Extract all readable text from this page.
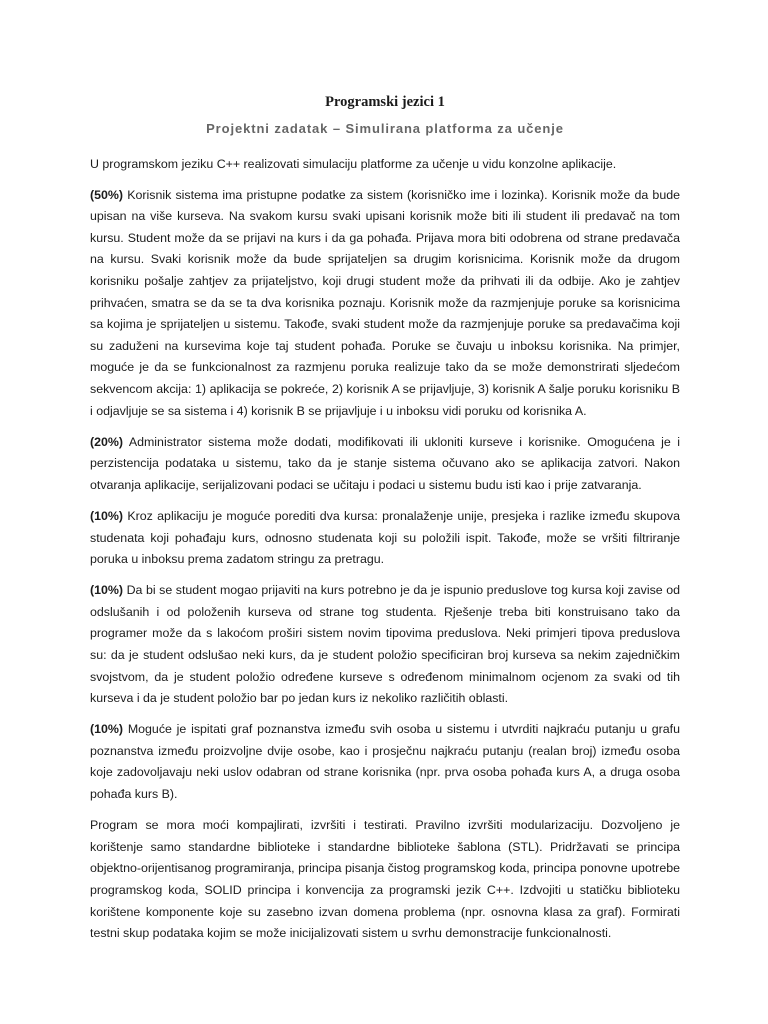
Programski jezici 1
Projektni zadatak – Simulirana platforma za učenje

U programskom jeziku C++ realizovati simulaciju platforme za učenje u vidu konzolne aplikacije.

(50%) Korisnik sistema ima pristupne podatke za sistem (korisničko ime i lozinka). Korisnik može da bude upisan na više kurseva. Na svakom kursu svaki upisani korisnik može biti ili student ili predavač na tom kursu. Student može da se prijavi na kurs i da ga pohađa. Prijava mora biti odobrena od strane predavača na kursu. Svaki korisnik može da bude sprijateljen sa drugim korisnicima. Korisnik može da drugom korisniku pošalje zahtjev za prijateljstvo, koji drugi student može da prihvati ili da odbije. Ako je zahtjev prihvaćen, smatra se da se ta dva korisnika poznaju. Korisnik može da razmjenjuje poruke sa korisnicima sa kojima je sprijateljen u sistemu. Takođe, svaki student može da razmjenjuje poruke sa predavačima koji su zaduženi na kursevima koje taj student pohađa. Poruke se čuvaju u inboksu korisnika. Na primjer, moguće je da se funkcionalnost za razmjenu poruka realizuje tako da se može demonstrirati sljedećom sekvencom akcija: 1) aplikacija se pokreće, 2) korisnik A se prijavljuje, 3) korisnik A šalje poruku korisniku B i odjavljuje se sa sistema i 4) korisnik B se prijavljuje i u inboksu vidi poruku od korisnika A.

(20%) Administrator sistema može dodati, modifikovati ili ukloniti kurseve i korisnike. Omogućena je i perzistencija podataka u sistemu, tako da je stanje sistema očuvano ako se aplikacija zatvori. Nakon otvaranja aplikacije, serijalizovani podaci se učitaju i podaci u sistemu budu isti kao i prije zatvaranja.

(10%) Kroz aplikaciju je moguće porediti dva kursa: pronalaženje unije, presjeka i razlike između skupova studenata koji pohađaju kurs, odnosno studenata koji su položili ispit. Takođe, može se vršiti filtriranje poruka u inboksu prema zadatom stringu za pretragu.

(10%) Da bi se student mogao prijaviti na kurs potrebno je da je ispunio preduslove tog kursa koji zavise od odslušanih i od položenih kurseva od strane tog studenta. Rješenje treba biti konstruisano tako da programer može da s lakoćom proširi sistem novim tipovima preduslova. Neki primjeri tipova preduslova su: da je student odslušao neki kurs, da je student položio specificiran broj kurseva sa nekim zajedničkim svojstvom, da je student položio određene kurseve s određenom minimalnom ocjenom za svaki od tih kurseva i da je student položio bar po jedan kurs iz nekoliko različitih oblasti.

(10%) Moguće je ispitati graf poznanstva između svih osoba u sistemu i utvrditi najkraću putanju u grafu poznanstva između proizvoljne dvije osobe, kao i prosječnu najkraću putanju (realan broj) između osoba koje zadovoljavaju neki uslov odabran od strane korisnika (npr. prva osoba pohađa kurs A, a druga osoba pohađa kurs B).

Program se mora moći kompajlirati, izvršiti i testirati. Pravilno izvršiti modularizaciju. Dozvoljeno je korištenje samo standardne biblioteke i standardne biblioteke šablona (STL). Pridržavati se principa objektno-orijentisanog programiranja, principa pisanja čistog programskog koda, principa ponovne upotrebe programskog koda, SOLID principa i konvencija za programski jezik C++. Izdvojiti u statičku biblioteku korištene komponente koje su zasebno izvan domena problema (npr. osnovna klasa za graf). Formirati testni skup podataka kojim se može inicijalizovati sistem u svrhu demonstracije funkcionalnosti.
